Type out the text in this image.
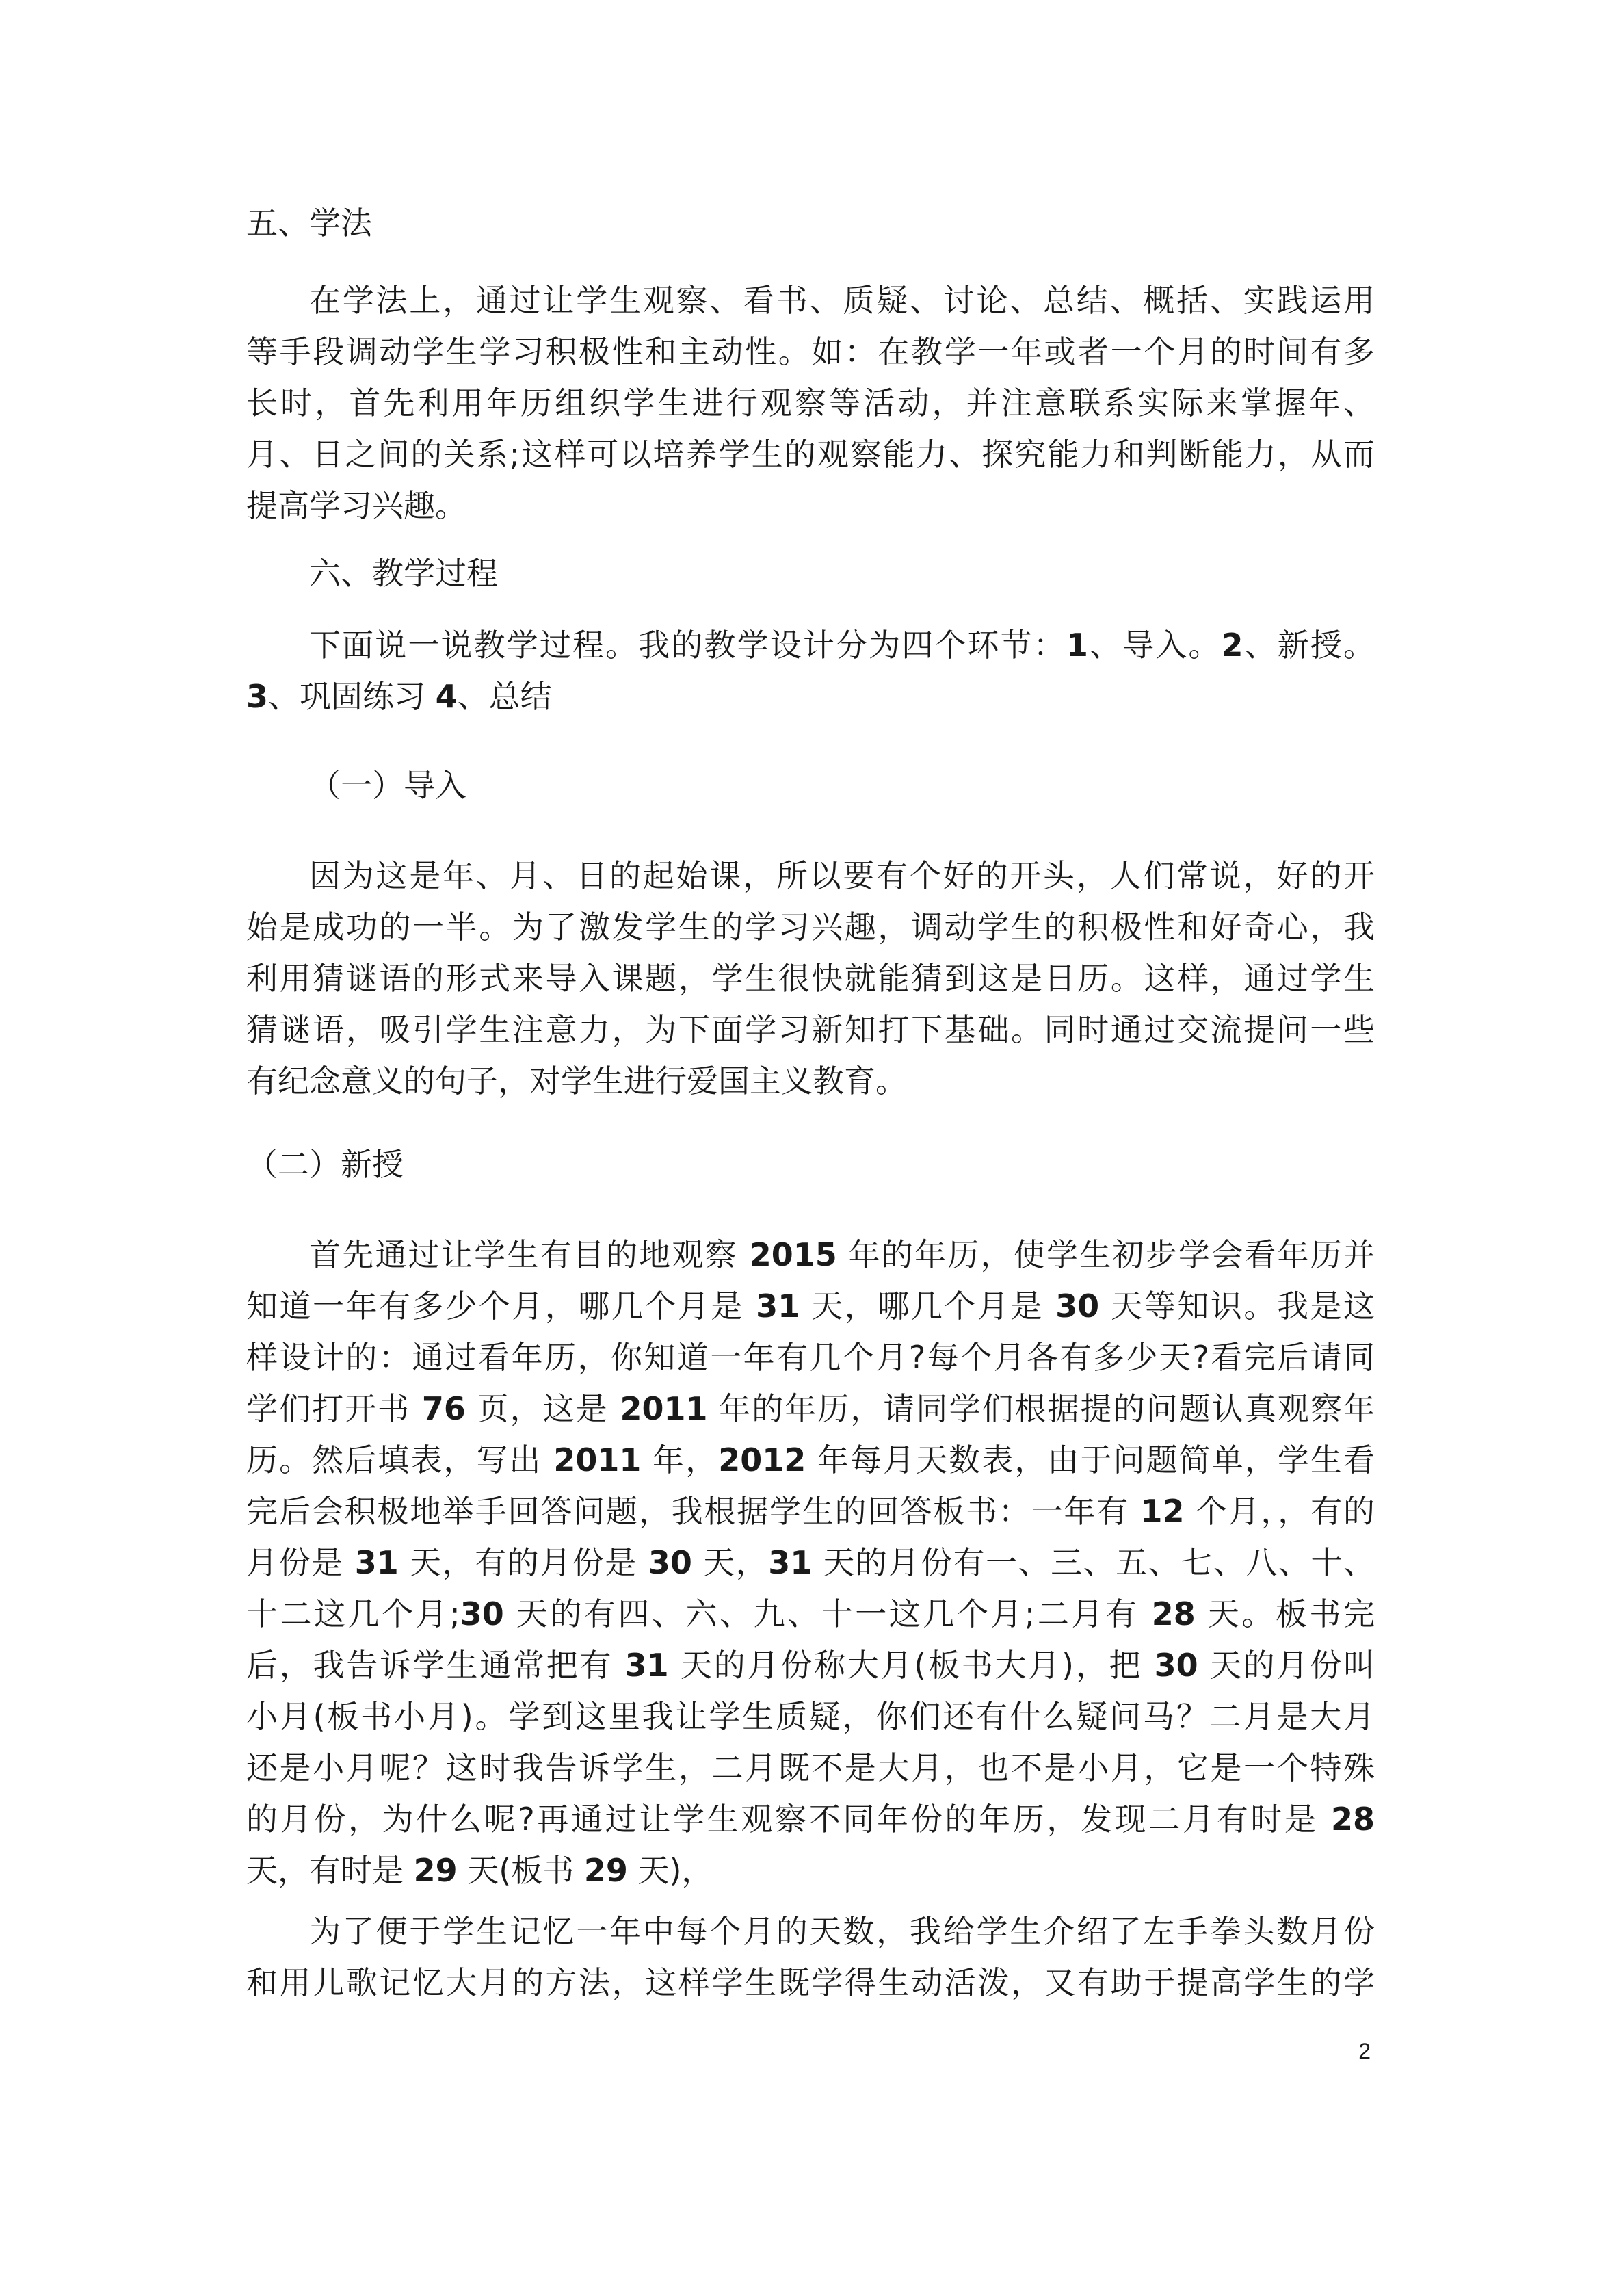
五、学法
在学法上，通过让学生观察、看书、质疑、讨论、总结、概括、实践运用
等手段调动学生学习积极性和主动性。如：在教学一年或者一个月的时间有多
长时，首先利用年历组织学生进行观察等活动，并注意联系实际来掌握年、
月、日之间的关系;这样可以培养学生的观察能力、探究能力和判断能力，从而
提高学习兴趣。
六、教学过程
下面说一说教学过程。我的教学设计分为四个环节：1、导入。2、新授。
3、巩固练习 4、总结
（一）导入
因为这是年、月、日的起始课，所以要有个好的开头，人们常说，好的开
始是成功的一半。为了激发学生的学习兴趣，调动学生的积极性和好奇心，我
利用猜谜语的形式来导入课题，学生很快就能猜到这是日历。这样，通过学生
猜谜语，吸引学生注意力，为下面学习新知打下基础。同时通过交流提问一些
有纪念意义的句子，对学生进行爱国主义教育。
（二）新授
首先通过让学生有目的地观察 2015 年的年历，使学生初步学会看年历并
知道一年有多少个月，哪几个月是 31 天，哪几个月是 30 天等知识。我是这
样设计的：通过看年历，你知道一年有几个月?每个月各有多少天?看完后请同
学们打开书 76 页，这是 2011 年的年历，请同学们根据提的问题认真观察年
历。然后填表，写出 2011 年，2012 年每月天数表，由于问题简单，学生看
完后会积极地举手回答问题，我根据学生的回答板书：一年有 12 个月，，有的
月份是 31 天，有的月份是 30 天，31 天的月份有一、三、五、七、八、十、
十二这几个月;30 天的有四、六、九、十一这几个月;二月有 28 天。板书完
后，我告诉学生通常把有 31 天的月份称大月(板书大月)，把 30 天的月份叫
小月(板书小月)。学到这里我让学生质疑，你们还有什么疑问马？二月是大月
还是小月呢？这时我告诉学生，二月既不是大月，也不是小月，它是一个特殊
的月份，为什么呢?再通过让学生观察不同年份的年历，发现二月有时是 28
天，有时是 29 天(板书 29 天)，
为了便于学生记忆一年中每个月的天数，我给学生介绍了左手拳头数月份
和用儿歌记忆大月的方法，这样学生既学得生动活泼，又有助于提高学生的学
2
